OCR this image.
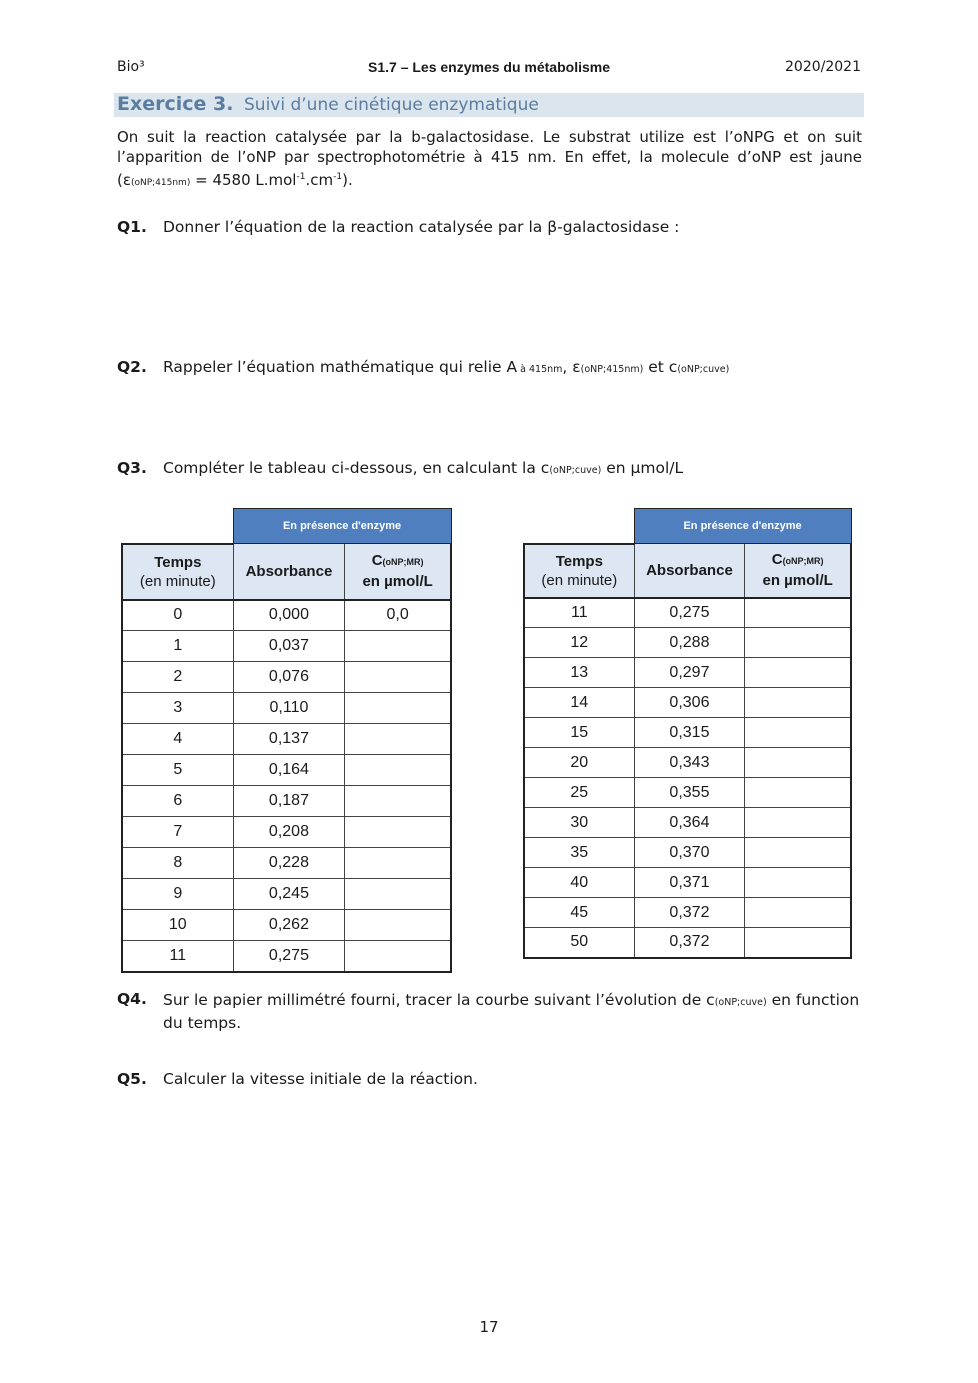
Bio³	S1.7 – Les enzymes du métabolisme	2020/2021
Exercice 3. Suivi d’une cinétique enzymatique
On suit la reaction catalysée par la b-galactosidase. Le substrat utilize est l’oNPG et on suit l’apparition de l’oNP par spectrophotométrie à 415 nm. En effet, la molecule d’oNP est jaune (ε(oNP;415nm) = 4580 $L.mol^{-1}.cm^{-1}$).
Q1. Donner l’équation de la reaction catalysée par la β-galactosidase :
Q2. Rappeler l’équation mathématique qui relie A à 415nm, ε(oNP;415nm) et c(oNP;cuve)
Q3. Compléter le tableau ci-dessous, en calculant la c(oNP;cuve) en µmol/L
	En présence d'enzyme	
Temps
(en minute)	Absorbance	C(oNP;MR)
en µmol/L
0	0,000	0,0
1	0,037	
2	0,076	
3	0,110	
4	0,137	
5	0,164	
6	0,187	
7	0,208	
8	0,228	
9	0,245	
10	0,262	
11	0,275	
	En présence d'enzyme	
Temps
(en minute)	Absorbance	C(oNP;MR)
en µmol/L
11	0,275	
12	0,288	
13	0,297	
14	0,306	
15	0,315	
20	0,343	
25	0,355	
30	0,364	
35	0,370	
40	0,371	
45	0,372	
50	0,372	
Q4. Sur le papier millimétré fourni, tracer la courbe suivant l’évolution de c(oNP;cuve) en function du temps.
Q5. Calculer la vitesse initiale de la réaction.
17
